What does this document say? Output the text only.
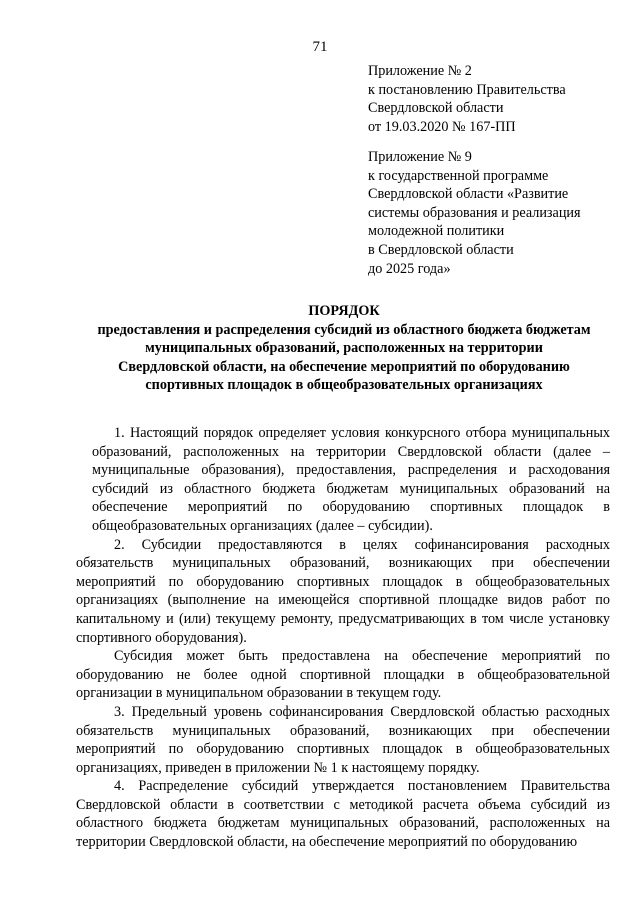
71
Приложение № 2
к постановлению Правительства
Свердловской области
от 19.03.2020 № 167-ПП
Приложение № 9
к государственной программе
Свердловской области «Развитие
системы образования и реализация
молодежной политики
в Свердловской области
до 2025 года»
ПОРЯДОК
предоставления и распределения субсидий из областного бюджета бюджетам
муниципальных образований, расположенных на территории
Свердловской области, на обеспечение мероприятий по оборудованию
спортивных площадок в общеобразовательных организациях

1. Настоящий порядок определяет условия конкурсного отбора муниципальных образований, расположенных на территории Свердловской области (далее – муниципальные образования), предоставления, распределения и расходования субсидий из областного бюджета бюджетам муниципальных образований на обеспечение мероприятий по оборудованию спортивных площадок в общеобразовательных организациях (далее – субсидии).

2. Субсидии предоставляются в целях софинансирования расходных обязательств муниципальных образований, возникающих при обеспечении мероприятий по оборудованию спортивных площадок в общеобразовательных организациях (выполнение на имеющейся спортивной площадке видов работ по капитальному и (или) текущему ремонту, предусматривающих в том числе установку спортивного оборудования).

Субсидия может быть предоставлена на обеспечение мероприятий по оборудованию не более одной спортивной площадки в общеобразовательной организации в муниципальном образовании в текущем году.

3. Предельный уровень софинансирования Свердловской областью расходных обязательств муниципальных образований, возникающих при обеспечении мероприятий по оборудованию спортивных площадок в общеобразовательных организациях, приведен в приложении № 1 к настоящему порядку.

4. Распределение субсидий утверждается постановлением Правительства Свердловской области в соответствии с методикой расчета объема субсидий из областного бюджета бюджетам муниципальных образований, расположенных на территории Свердловской области, на обеспечение мероприятий по оборудованию
